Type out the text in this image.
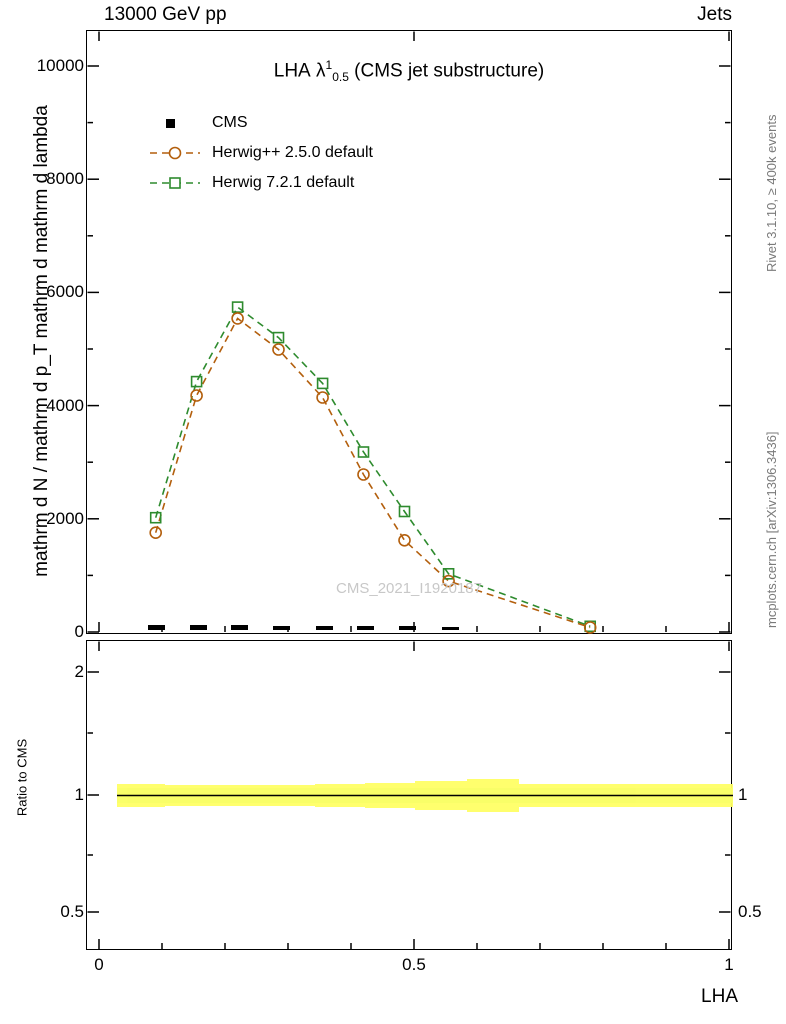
13000 GeV pp	Jets
LHA $\lambda^1_{0.5}$ (CMS jet substructure)
0
2000
4000
6000
8000
10000
2
1
0.5
1
0.5
0	0.5	1
LHA
mathrm d N / mathrm d p_T mathrm d mathrm d lambda
Ratio to CMS
Rivet 3.1.10, ≥ 400k events
mcplots.cern.ch [arXiv:1306.3436]
CMS
Herwig++ 2.5.0 default
Herwig 7.2.1 default
CMS_2021_I1920187
